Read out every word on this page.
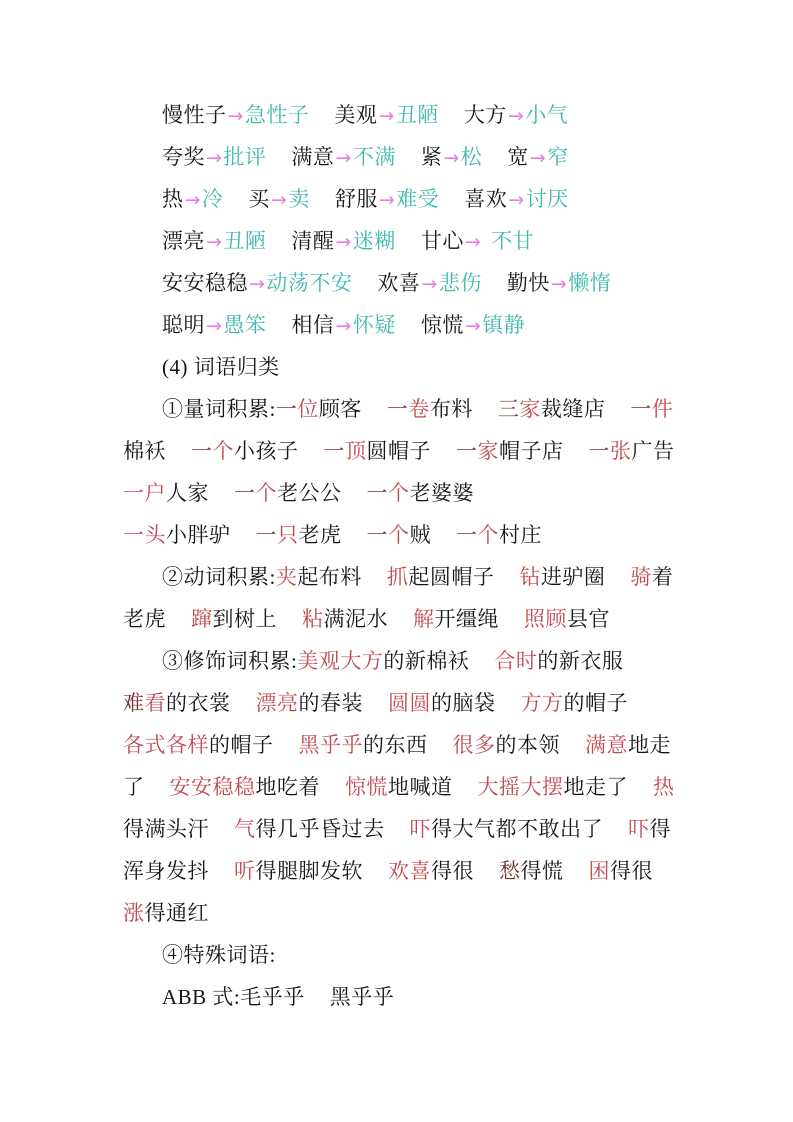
慢性子→急性子 美观→丑陋 大方→小气
夸奖→批评 满意→不满 紧→松 宽→窄
热→冷 买→卖 舒服→难受 喜欢→讨厌
漂亮→丑陋 清醒→迷糊 甘心→ 不甘
安安稳稳→动荡不安 欢喜→悲伤 勤快→懒惰
聪明→愚笨 相信→怀疑 惊慌→镇静
(4) 词语归类
①量词积累:一位顾客 一卷布料 三家裁缝店 一件
棉袄 一个小孩子 一顶圆帽子 一家帽子店 一张广告
一户人家 一个老公公 一个老婆婆
一头小胖驴 一只老虎 一个贼 一个村庄
②动词积累:夹起布料 抓起圆帽子 钻进驴圈 骑着
老虎 蹿到树上 粘满泥水 解开缰绳 照顾县官
③修饰词积累:美观大方的新棉袄 合时的新衣服
难看的衣裳 漂亮的春装 圆圆的脑袋 方方的帽子
各式各样的帽子 黑乎乎的东西 很多的本领 满意地走
了 安安稳稳地吃着 惊慌地喊道 大摇大摆地走了 热
得满头汗 气得几乎昏过去 吓得大气都不敢出了 吓得
浑身发抖 听得腿脚发软 欢喜得很 愁得慌 困得很
涨得通红
④特殊词语:
ABB 式:毛乎乎 黑乎乎
